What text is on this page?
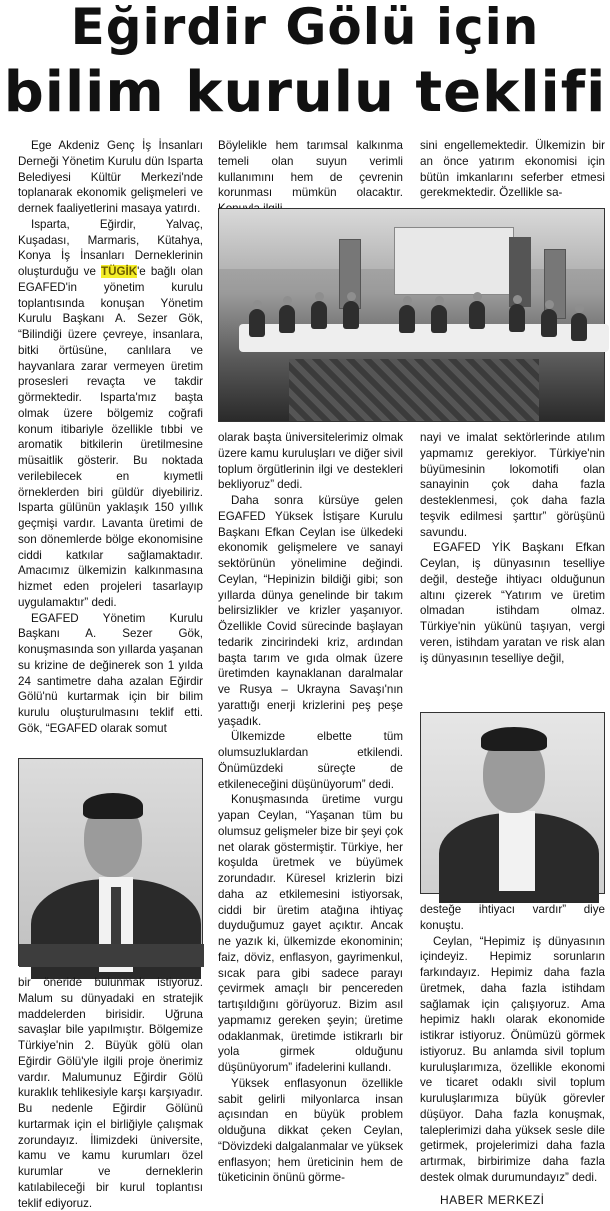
Eğirdir Gölü için
bilim kurulu teklifi

Ege Akdeniz Genç İş İnsanları Derneği Yönetim Kurulu dün Isparta Belediyesi Kültür Merkezi'nde toplanarak ekonomik gelişmeleri ve dernek faaliyetlerini masaya yatırdı.

Isparta, Eğirdir, Yalvaç, Kuşadası, Marmaris, Kütahya, Konya İş İnsanları Derneklerinin oluşturduğu ve TÜGİK'e bağlı olan EGAFED'in yönetim kurulu toplantısında konuşan Yönetim Kurulu Başkanı A. Sezer Gök, “Bilindiği üzere çevreye, insanlara, bitki örtüsüne, canlılara ve hayvanlara zarar vermeyen üretim prosesleri revaçta ve takdir görmektedir. Isparta'mız başta olmak üzere bölgemiz coğrafi konum itibariyle özellikle tıbbi ve aromatik bitkilerin üretilmesine müsaitlik gösterir. Bu noktada verilebilecek en kıymetli örneklerden biri güldür diyebiliriz. Isparta gülünün yaklaşık 150 yıllık geçmişi vardır. Lavanta üretimi de son dönemlerde bölge ekonomisine ciddi katkılar sağlamaktadır. Amacımız ülkemizin kalkınmasına hizmet eden projeleri tasarlayıp uygulamaktır” dedi.

EGAFED Yönetim Kurulu Başkanı A. Sezer Gök, konuşmasında son yıllarda yaşanan su krizine de değinerek son 1 yılda 24 santimetre daha azalan Eğirdir Gölü'nü kurtarmak için bir bilim kurulu oluşturulmasını teklif etti. Gök, “EGAFED olarak somut

bir öneride bulunmak istiyoruz. Malum su dünyadaki en stratejik maddelerden birisidir. Uğruna savaşlar bile yapılmıştır. Bölgemize Türkiye'nin 2. Büyük gölü olan Eğirdir Gölü'yle ilgili proje önerimiz vardır. Malumunuz Eğirdir Gölü kuraklık tehlikesiyle karşı karşıyadır. Bu nedenle Eğirdir Gölünü kurtarmak için el birliğiyle çalışmak zorundayız. İlimizdeki üniversite, kamu ve kamu kurumları özel kurumlar ve derneklerin katılabileceği bir kurul toplantısı teklif ediyoruz.

Böylelikle hem tarımsal kalkınma temeli olan suyun verimli kullanımını hem de çevrenin korunması mümkün olacaktır.

sini engellemektedir. Ülkemizin bir an önce yatırım ekonomisi için bütün imkanlarını seferber etmesi gerekmektedir. Özellikle sa-

olarak başta üniversitelerimiz olmak üzere kamu kuruluşları ve diğer sivil toplum örgütlerinin ilgi ve destekleri bekliyoruz” dedi.

Daha sonra kürsüye gelen EGAFED Yüksek İstişare Kurulu Başkanı Efkan Ceylan ise ülkedeki ekonomik gelişmelere ve sanayi sektörünün yönelimine değindi. Ceylan, “Hepinizin bildiği gibi; son yıllarda dünya genelinde bir takım belirsizlikler ve krizler yaşanıyor. Özellikle Covid sürecinde başlayan tedarik zincirindeki kriz, ardından başta tarım ve gıda olmak üzere üretimden kaynaklanan daralmalar ve Rusya – Ukrayna Savaşı'nın yarattığı enerji krizlerini peş peşe yaşadık.

Ülkemizde elbette tüm olumsuzluklardan etkilendi. Önümüzdeki süreçte de etkileneceğini düşünüyorum” dedi.

Konuşmasında üretime vurgu yapan Ceylan, “Yaşanan tüm bu olumsuz gelişmeler bize bir şeyi çok net olarak göstermiştir. Türkiye, her koşulda üretmek ve büyümek zorundadır. Küresel krizlerin bizi daha az etkilemesini istiyorsak, ciddi bir üretim atağına ihtiyaç duyduğumuz gayet açıktır. Ancak ne yazık ki, ülkemizde ekonominin; faiz, döviz, enflasyon, gayrimenkul, sıcak para gibi sadece parayı çevirmek amaçlı bir pencereden tartışıldığını görüyoruz. Bizim asıl yapmamız gereken şeyin; üretime odaklanmak, üretimde istikrarlı bir yola girmek olduğunu düşünüyorum” ifadelerini kullandı.

Yüksek enflasyonun özellikle sabit gelirli milyonlarca insan açısından en büyük problem olduğuna dikkat çeken Ceylan, “Dövizdeki dalgalanmalar ve yüksek enflasyon; hem üreticinin hem de tüketicinin önünü görme-

nayi ve imalat sektörlerinde atılım yapmamız gerekiyor. Türkiye'nin büyümesinin lokomotifi olan sanayinin çok daha fazla desteklenmesi, çok daha fazla teşvik edilmesi şarttır” görüşünü savundu.

EGAFED YİK Başkanı Efkan Ceylan, iş dünyasının teselliye değil, desteğe ihtiyacı olduğunun altını çizerek “Yatırım ve üretim olmadan istihdam olmaz. Türkiye'nin yükünü taşıyan, vergi veren, istihdam yaratan ve risk alan iş dünyasının teselliye değil,

desteğe ihtiyacı vardır” diye konuştu.

Ceylan, “Hepimiz iş dünyasının içindeyiz. Hepimiz sorunların farkındayız. Hepimiz daha fazla üretmek, daha fazla istihdam sağlamak için çalışıyoruz. Ama hepimiz haklı olarak ekonomide istikrar istiyoruz. Önümüzü görmek istiyoruz. Bu anlamda sivil toplum kuruluşlarımıza, özellikle ekonomi ve ticaret odaklı sivil toplum kuruluşlarımıza büyük görevler düşüyor. Daha fazla konuşmak, taleplerimizi daha yüksek sesle dile getirmek, projelerimizi daha fazla artırmak, birbirimize daha fazla destek olmak durumundayız” dedi.

HABER MERKEZİ
